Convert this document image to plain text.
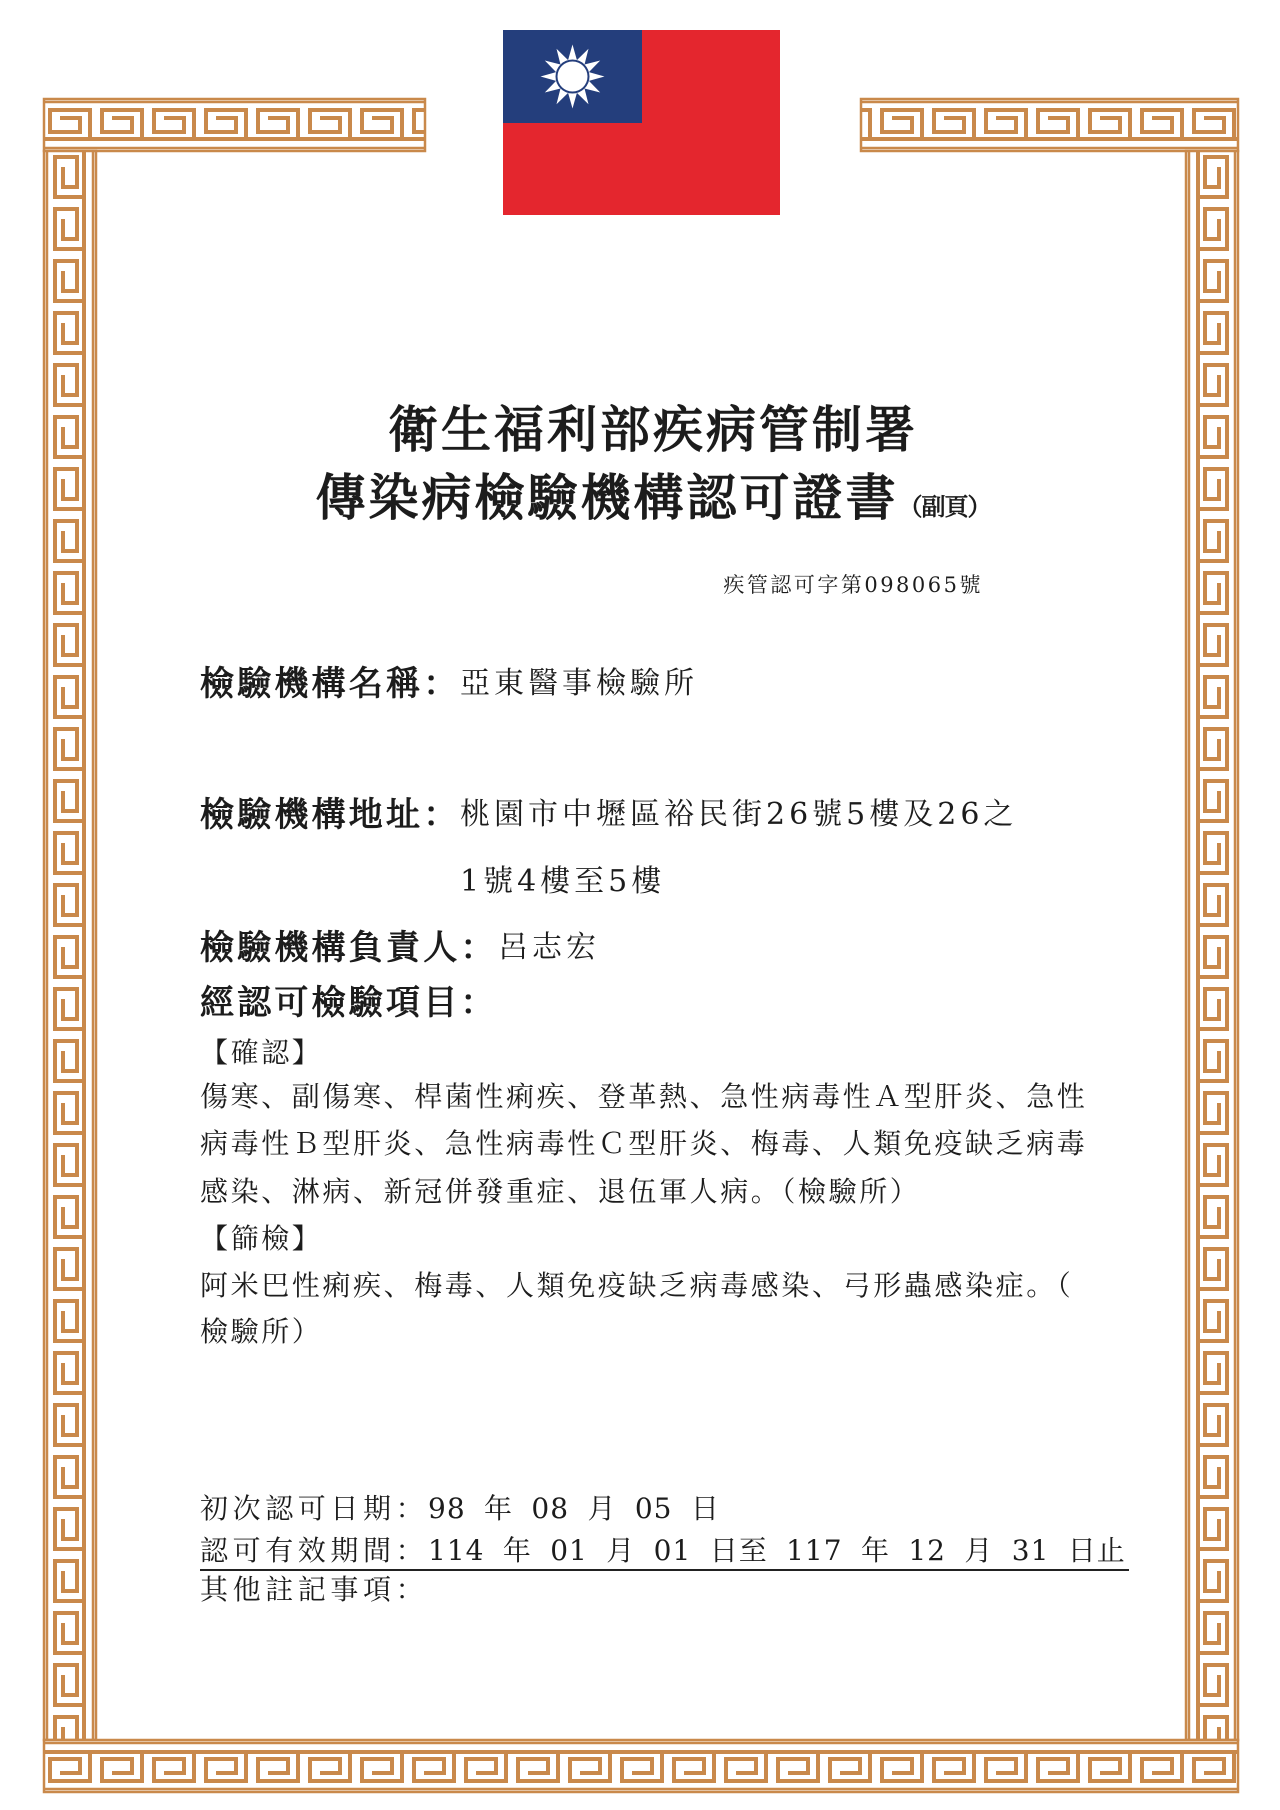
衛生福利部疾病管制署
傳染病檢驗機構認可證書（副頁）
疾管認可字第098065號
檢驗機構名稱： 亞東醫事檢驗所
檢驗機構地址： 桃園市中壢區裕民街26號5樓及26之
1號4樓至5樓
檢驗機構負責人： 呂志宏
經認可檢驗項目：
【確認】
傷寒、副傷寒、桿菌性痢疾、登革熱、急性病毒性Ａ型肝炎、急性
病毒性Ｂ型肝炎、急性病毒性Ｃ型肝炎、梅毒、人類免疫缺乏病毒
感染、淋病、新冠併發重症、退伍軍人病。（檢驗所）
【篩檢】
阿米巴性痢疾、梅毒、人類免疫缺乏病毒感染、弓形蟲感染症。（
檢驗所）
初次認可日期： 98 年 08 月 05 日
認可有效期間： 114 年 01 月 01 日至 117 年 12 月 31 日止
其他註記事項：
